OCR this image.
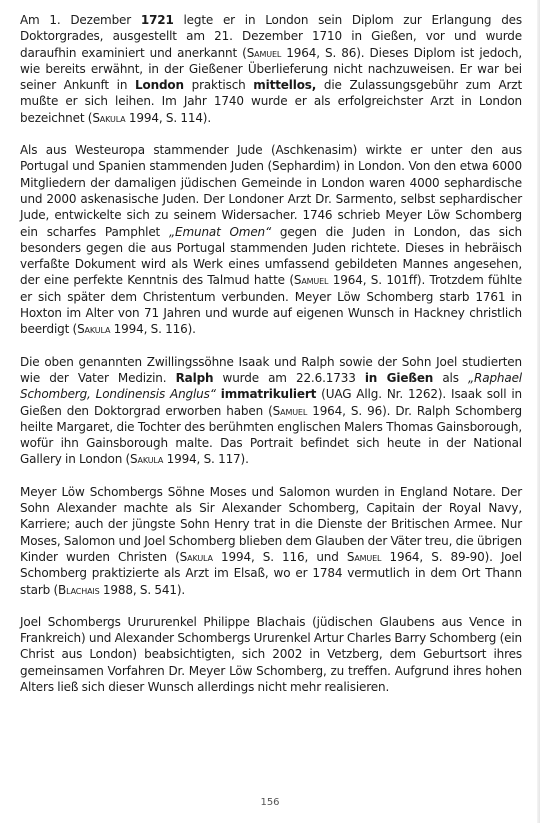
Am 1. Dezember 1721 legte er in London sein Diplom zur Erlangung des Doktorgrades, ausgestellt am 21. Dezember 1710 in Gießen, vor und wurde daraufhin examiniert und anerkannt (Samuel 1964, S. 86). Dieses Diplom ist jedoch, wie bereits erwähnt, in der Gießener Überlieferung nicht nachzuweisen. Er war bei seiner Ankunft in London praktisch mittellos, die Zulassungsgebühr zum Arzt mußte er sich leihen. Im Jahr 1740 wurde er als erfolgreichster Arzt in London bezeichnet (Sakula 1994, S. 114).

Als aus Westeuropa stammender Jude (Aschkenasim) wirkte er unter den aus Portugal und Spanien stammenden Juden (Sephardim) in London. Von den etwa 6000 Mitgliedern der damaligen jüdischen Gemeinde in London waren 4000 sephardische und 2000 askenasische Juden. Der Londoner Arzt Dr. Sarmento, selbst sephardischer Jude, entwickelte sich zu seinem Widersacher. 1746 schrieb Meyer Löw Schomberg ein scharfes Pamphlet „Emunat Omen“ gegen die Juden in London, das sich besonders gegen die aus Portugal stammenden Juden richtete. Dieses in hebräisch verfaßte Dokument wird als Werk eines umfassend gebildeten Mannes angesehen, der eine perfekte Kenntnis des Talmud hatte (Samuel 1964, S. 101ff). Trotzdem fühlte er sich später dem Christentum verbunden. Meyer Löw Schomberg starb 1761 in Hoxton im Alter von 71 Jahren und wurde auf eigenen Wunsch in Hackney christlich beerdigt (Sakula 1994, S. 116).

Die oben genannten Zwillingssöhne Isaak und Ralph sowie der Sohn Joel studierten wie der Vater Medizin. Ralph wurde am 22.6.1733 in Gießen als „Raphael Schomberg, Londinensis Anglus“ immatrikuliert (UAG Allg. Nr. 1262). Isaak soll in Gießen den Doktorgrad erworben haben (Samuel 1964, S. 96). Dr. Ralph Schomberg heilte Margaret, die Tochter des berühmten englischen Malers Thomas Gainsborough, wofür ihn Gainsborough malte. Das Portrait befindet sich heute in der National Gallery in London (Sakula 1994, S. 117).

Meyer Löw Schombergs Söhne Moses und Salomon wurden in England Notare. Der Sohn Alexander machte als Sir Alexander Schomberg, Capitain der Royal Navy, Karriere; auch der jüngste Sohn Henry trat in die Dienste der Britischen Armee. Nur Moses, Salomon und Joel Schomberg blieben dem Glauben der Väter treu, die übrigen Kinder wurden Christen (Sakula 1994, S. 116, und Samuel 1964, S. 89-90). Joel Schomberg praktizierte als Arzt im Elsaß, wo er 1784 vermutlich in dem Ort Thann starb (Blachais 1988, S. 541).

Joel Schombergs Urururenkel Philippe Blachais (jüdischen Glaubens aus Vence in Frankreich) und Alexander Schombergs Ururenkel Artur Charles Barry Schomberg (ein Christ aus London) beabsichtigten, sich 2002 in Vetzberg, dem Geburtsort ihres gemeinsamen Vorfahren Dr. Meyer Löw Schomberg, zu treffen. Aufgrund ihres hohen Alters ließ sich dieser Wunsch allerdings nicht mehr realisieren.

156
